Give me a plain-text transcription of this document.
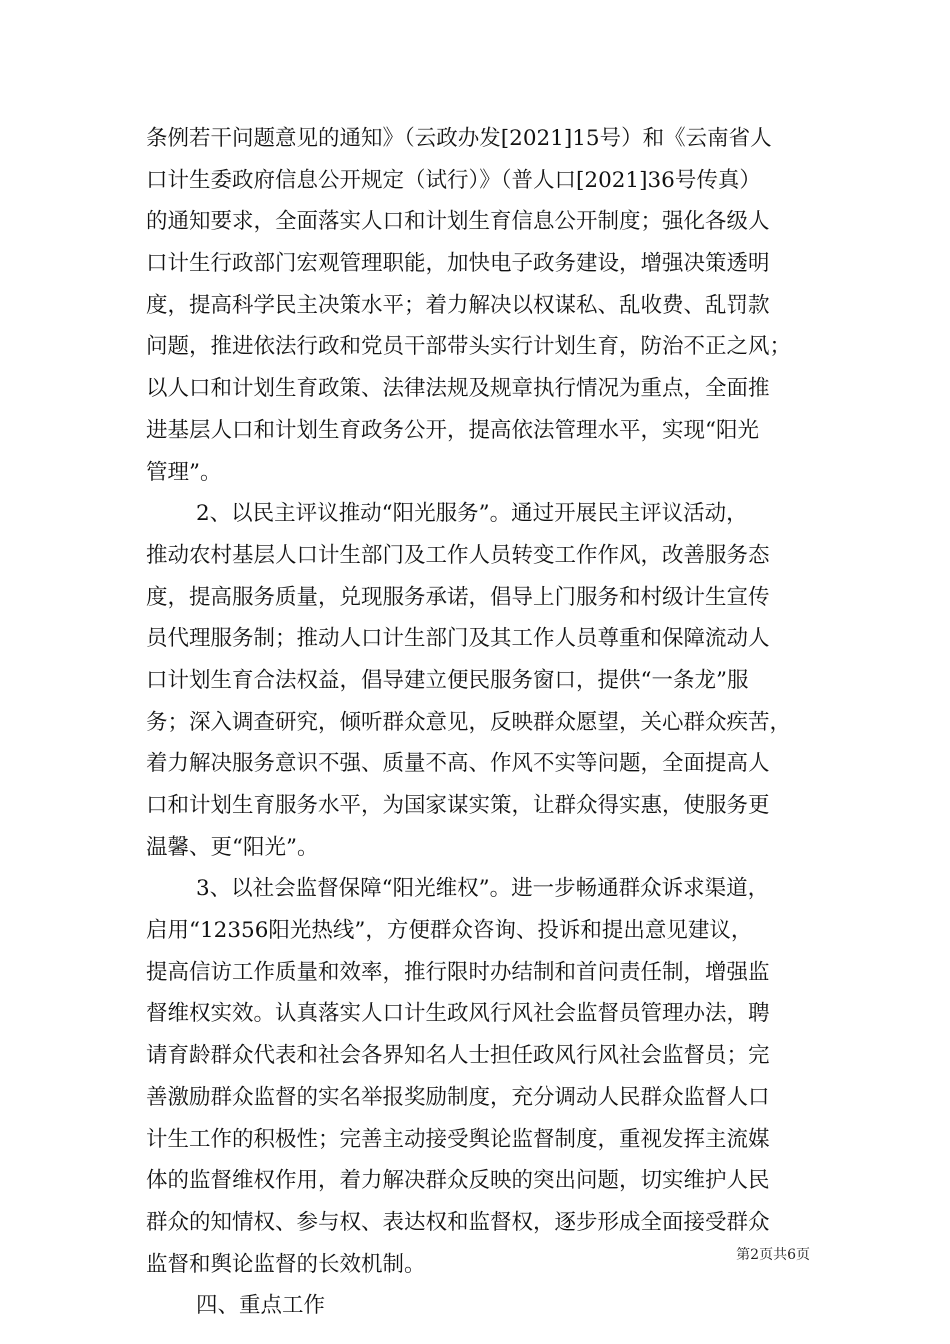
条例若干问题意见的通知》（云政办发[2021]15号）和《云南省人
口计生委政府信息公开规定（试行）》（普人口[2021]36号传真）
的通知要求，全面落实人口和计划生育信息公开制度；强化各级人
口计生行政部门宏观管理职能，加快电子政务建设，增强决策透明
度，提高科学民主决策水平；着力解决以权谋私、乱收费、乱罚款
问题，推进依法行政和党员干部带头实行计划生育，防治不正之风；
以人口和计划生育政策、法律法规及规章执行情况为重点，全面推
进基层人口和计划生育政务公开，提高依法管理水平，实现“阳光
管理”。
2、以民主评议推动“阳光服务”。通过开展民主评议活动，
推动农村基层人口计生部门及工作人员转变工作作风，改善服务态
度，提高服务质量，兑现服务承诺，倡导上门服务和村级计生宣传
员代理服务制；推动人口计生部门及其工作人员尊重和保障流动人
口计划生育合法权益，倡导建立便民服务窗口，提供“一条龙”服
务；深入调查研究，倾听群众意见，反映群众愿望，关心群众疾苦，
着力解决服务意识不强、质量不高、作风不实等问题，全面提高人
口和计划生育服务水平，为国家谋实策，让群众得实惠，使服务更
温馨、更“阳光”。
3、以社会监督保障“阳光维权”。进一步畅通群众诉求渠道，
启用“12356阳光热线”，方便群众咨询、投诉和提出意见建议，
提高信访工作质量和效率，推行限时办结制和首问责任制，增强监
督维权实效。认真落实人口计生政风行风社会监督员管理办法，聘
请育龄群众代表和社会各界知名人士担任政风行风社会监督员；完
善激励群众监督的实名举报奖励制度，充分调动人民群众监督人口
计生工作的积极性；完善主动接受舆论监督制度，重视发挥主流媒
体的监督维权作用，着力解决群众反映的突出问题，切实维护人民
群众的知情权、参与权、表达权和监督权，逐步形成全面接受群众
监督和舆论监督的长效机制。
四、重点工作
第2页共6页
